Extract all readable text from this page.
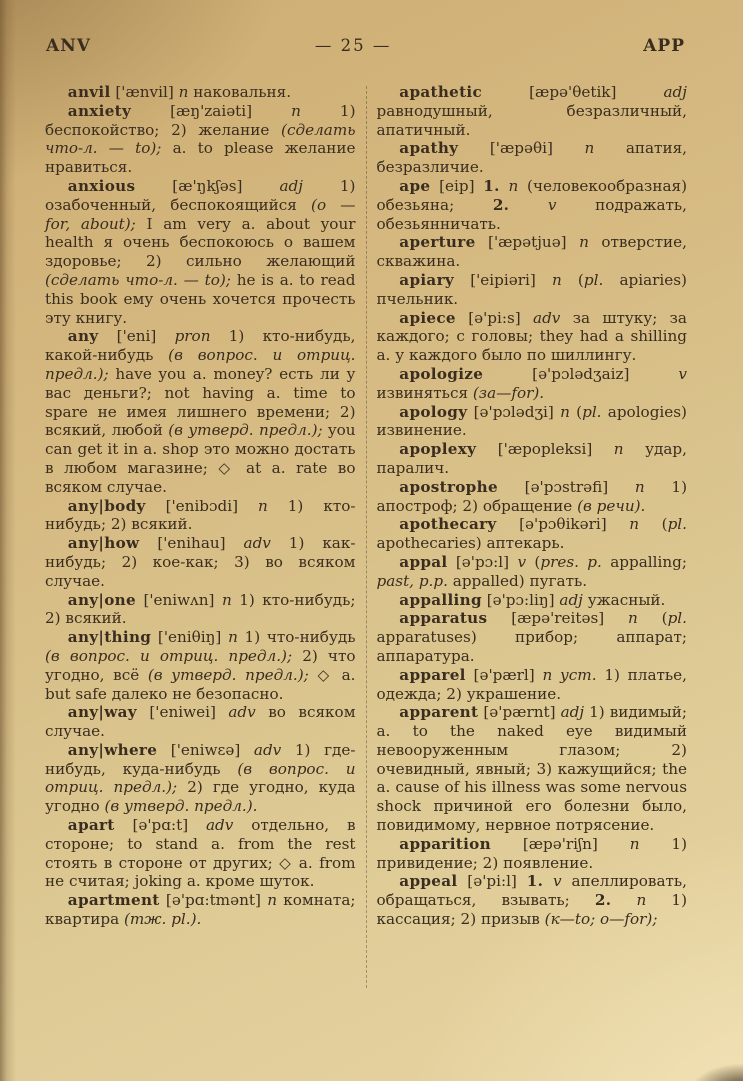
ANV	— 25 —	APP

anvil ['ænvil] n наковальня.

anxiety [æŋ'zaiəti] n 1) беспокойство; 2) желание (сделать что-л. — to); a. to please желание нравиться.

anxious [æ'ŋkʃəs] adj 1) озабоченный, беспокоящийся (о — for, about); I am very a. about your health я очень беспокоюсь о вашем здоровье; 2) сильно желающий (сделать что-л. — to); he is a. to read this book ему очень хочется прочесть эту книгу.

any ['eni] pron 1) кто-нибудь, какой-нибудь (в вопрос. и отриц. предл.); have you a. money? есть ли у вас деньги?; not having a. time to spare не имея лишнего времени; 2) всякий, любой (в утверд. предл.); you can get it in a. shop это можно достать в любом магазине; ◇ at a. rate во всяком случае.

any|body ['enibɔdi] n 1) кто-нибудь; 2) всякий.

any|how ['enihau] adv 1) как-нибудь; 2) кое-как; 3) во всяком случае.

any|one ['eniwʌn] n 1) кто-нибудь; 2) всякий.

any|thing ['eniθiŋ] n 1) что-нибудь (в вопрос. и отриц. предл.); 2) что угодно, всё (в утверд. предл.); ◇ a. but safe далеко не безопасно.

any|way ['eniwei] adv во всяком случае.

any|where ['eniwɛə] adv 1) где-нибудь, куда-нибудь (в вопрос. и отриц. предл.); 2) где угодно, куда угодно (в утверд. предл.).

apart [ə'pɑ:t] adv отдельно, в стороне; to stand a. from the rest стоять в стороне от других; ◇ a. from не считая; joking a. кроме шуток.

apartment [ə'pɑ:tmənt] n комната; квартира (тж. pl.).

apathetic [æpə'θetik] adj равнодушный, безразличный, апатичный.

apathy ['æpəθi] n апатия, безразличие.

ape [eip] 1. n (человекообразная) обезьяна; 2.	v подражать, обезьянничать.

aperture ['æpətjuə] n отверстие, скважина.

apiary ['eipiəri] n (pl. apiaries) пчельник.

apiece [ə'pi:s] adv за штуку; за каждого; с головы; they had a shilling a. у каждого было по шиллингу.

apologize [ə'pɔlədʒaiz] v извиняться (за—for).

apology [ə'pɔlədʒi] n (pl. apologies) извинение.

apoplexy ['æpopleksi] n удар, паралич.

apostrophe [ə'pɔstrəfi] n 1) апостроф; 2) обращение (в речи).

apothecary [ə'pɔθikəri] n (pl. apothecaries) аптекарь.

appal [ə'pɔ:l] v (pres. p. appalling; past, p.p. appalled) пугать.

appalling [ə'pɔ:liŋ] adj ужасный.

apparatus [æpə'reitəs] n (pl. apparatuses) прибор; аппарат; аппаратура.

apparel [ə'pærl] n уст. 1) платье, одежда; 2) украшение.

apparent [ə'pærnt] adj 1) видимый; a. to the naked eye видимый невооруженным глазом; 2) очевидный, явный; 3) кажущийся; the a. cause of his illness was some nervous shock причиной его болезни было, повидимому, нервное потрясение.

apparition [æpə'riʃn] n 1) привидение; 2) появление.

appeal [ə'pi:l] 1. v апеллировать, обращаться, взывать; 2. n 1) кассация; 2) призыв (к—to; о—for);
